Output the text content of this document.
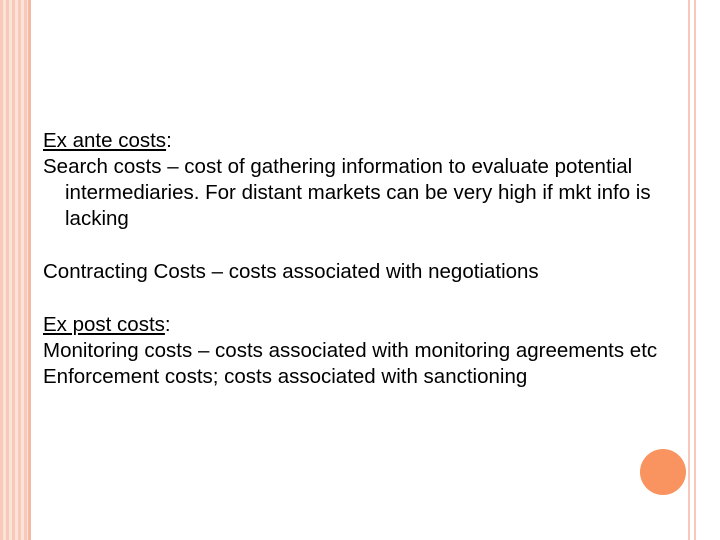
Ex ante costs:

Search costs – cost of gathering information to evaluate potential intermediaries. For distant markets can be very high if mkt info is lacking

Contracting Costs – costs associated with negotiations

Ex post costs:

Monitoring costs – costs associated with monitoring agreements etc

Enforcement costs; costs associated with sanctioning
